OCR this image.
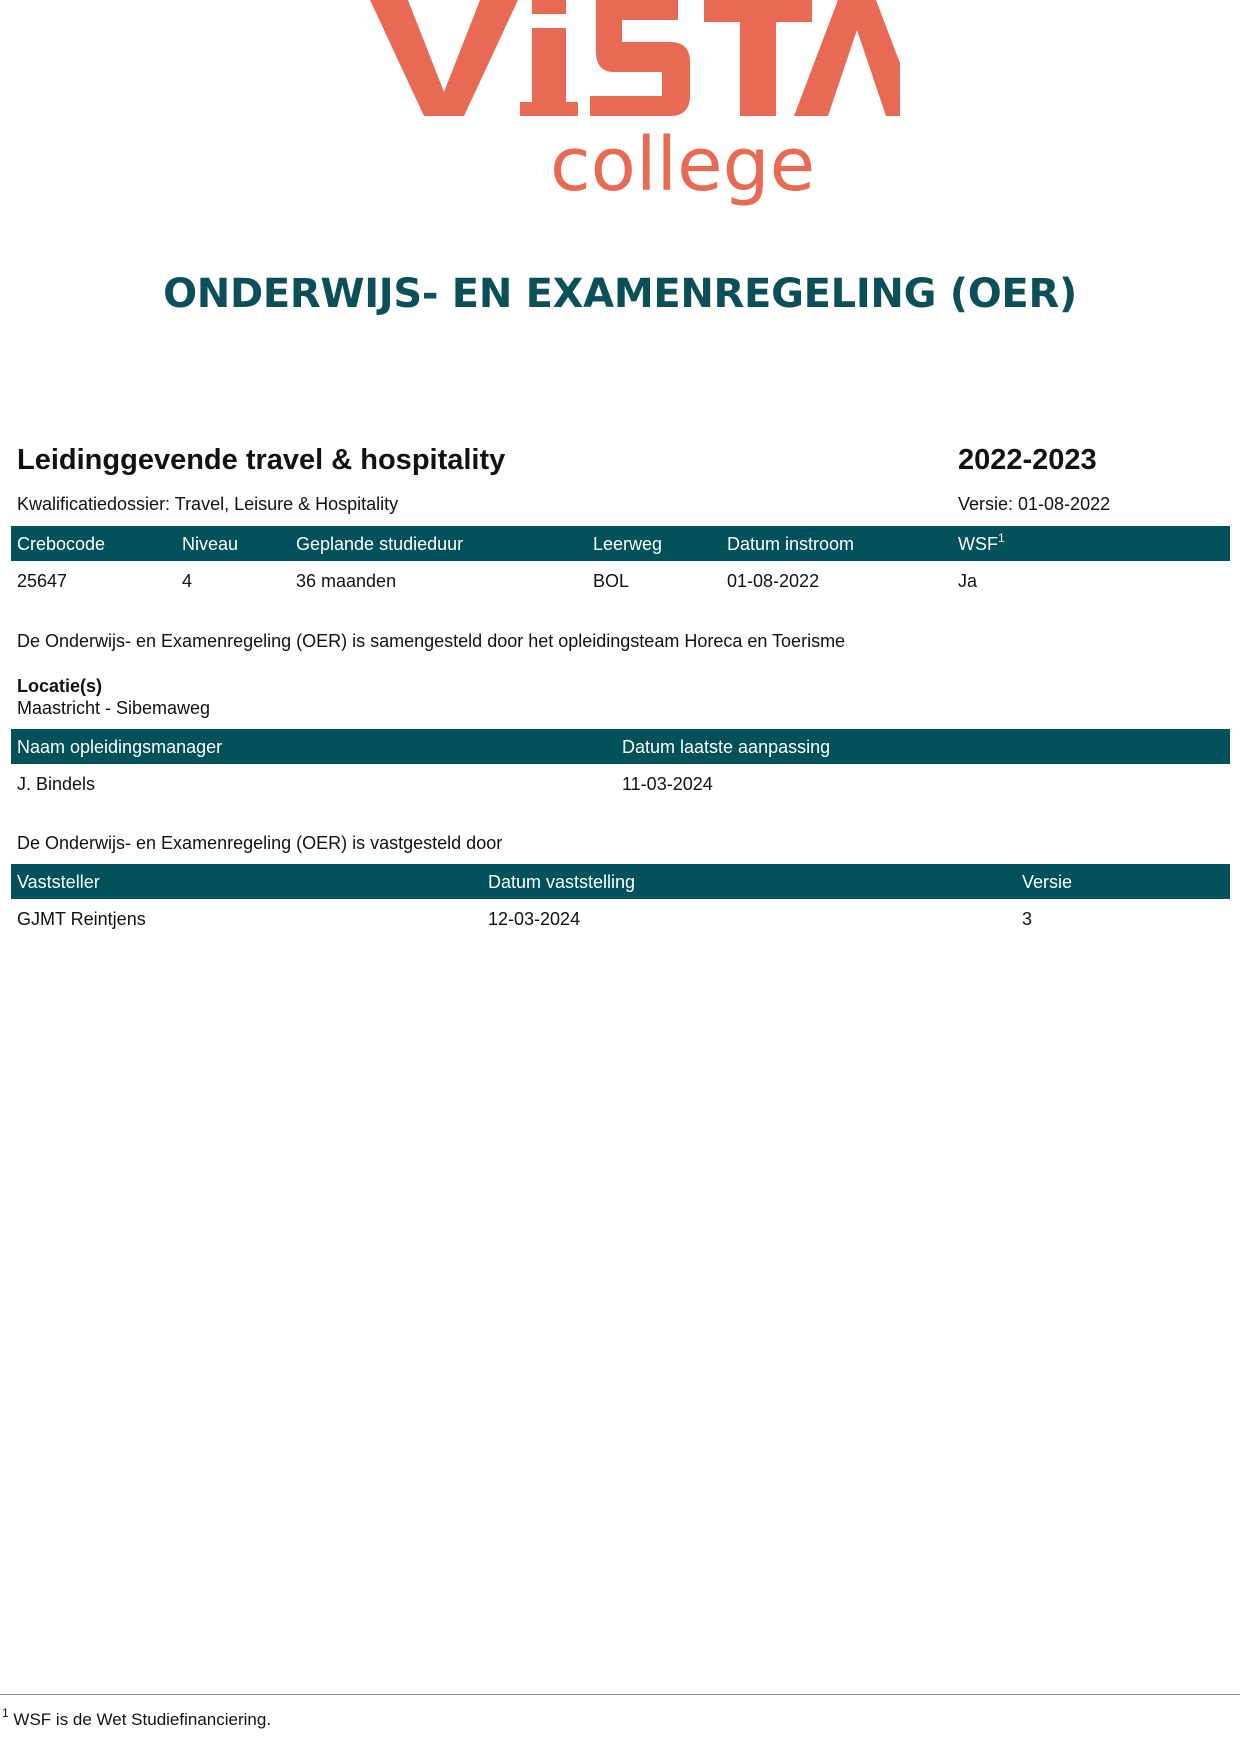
college
ONDERWIJS- EN EXAMENREGELING (OER)
Leidinggevende travel & hospitality	2022-2023
Kwalificatiedossier: Travel, Leisure & Hospitality	Versie: 01-08-2022
Crebocode	Niveau	Geplande studieduur	Leerweg	Datum instroom	WSF$^1$
25647	4	36 maanden	BOL	01-08-2022	Ja
De Onderwijs- en Examenregeling (OER) is samengesteld door het opleidingsteam Horeca en Toerisme
Locatie(s)
Maastricht - Sibemaweg
Naam opleidingsmanager	Datum laatste aanpassing
J. Bindels	11-03-2024
De Onderwijs- en Examenregeling (OER) is vastgesteld door
Vaststeller	Datum vaststelling	Versie
GJMT Reintjens	12-03-2024	3
$^1$ WSF is de Wet Studiefinanciering.
